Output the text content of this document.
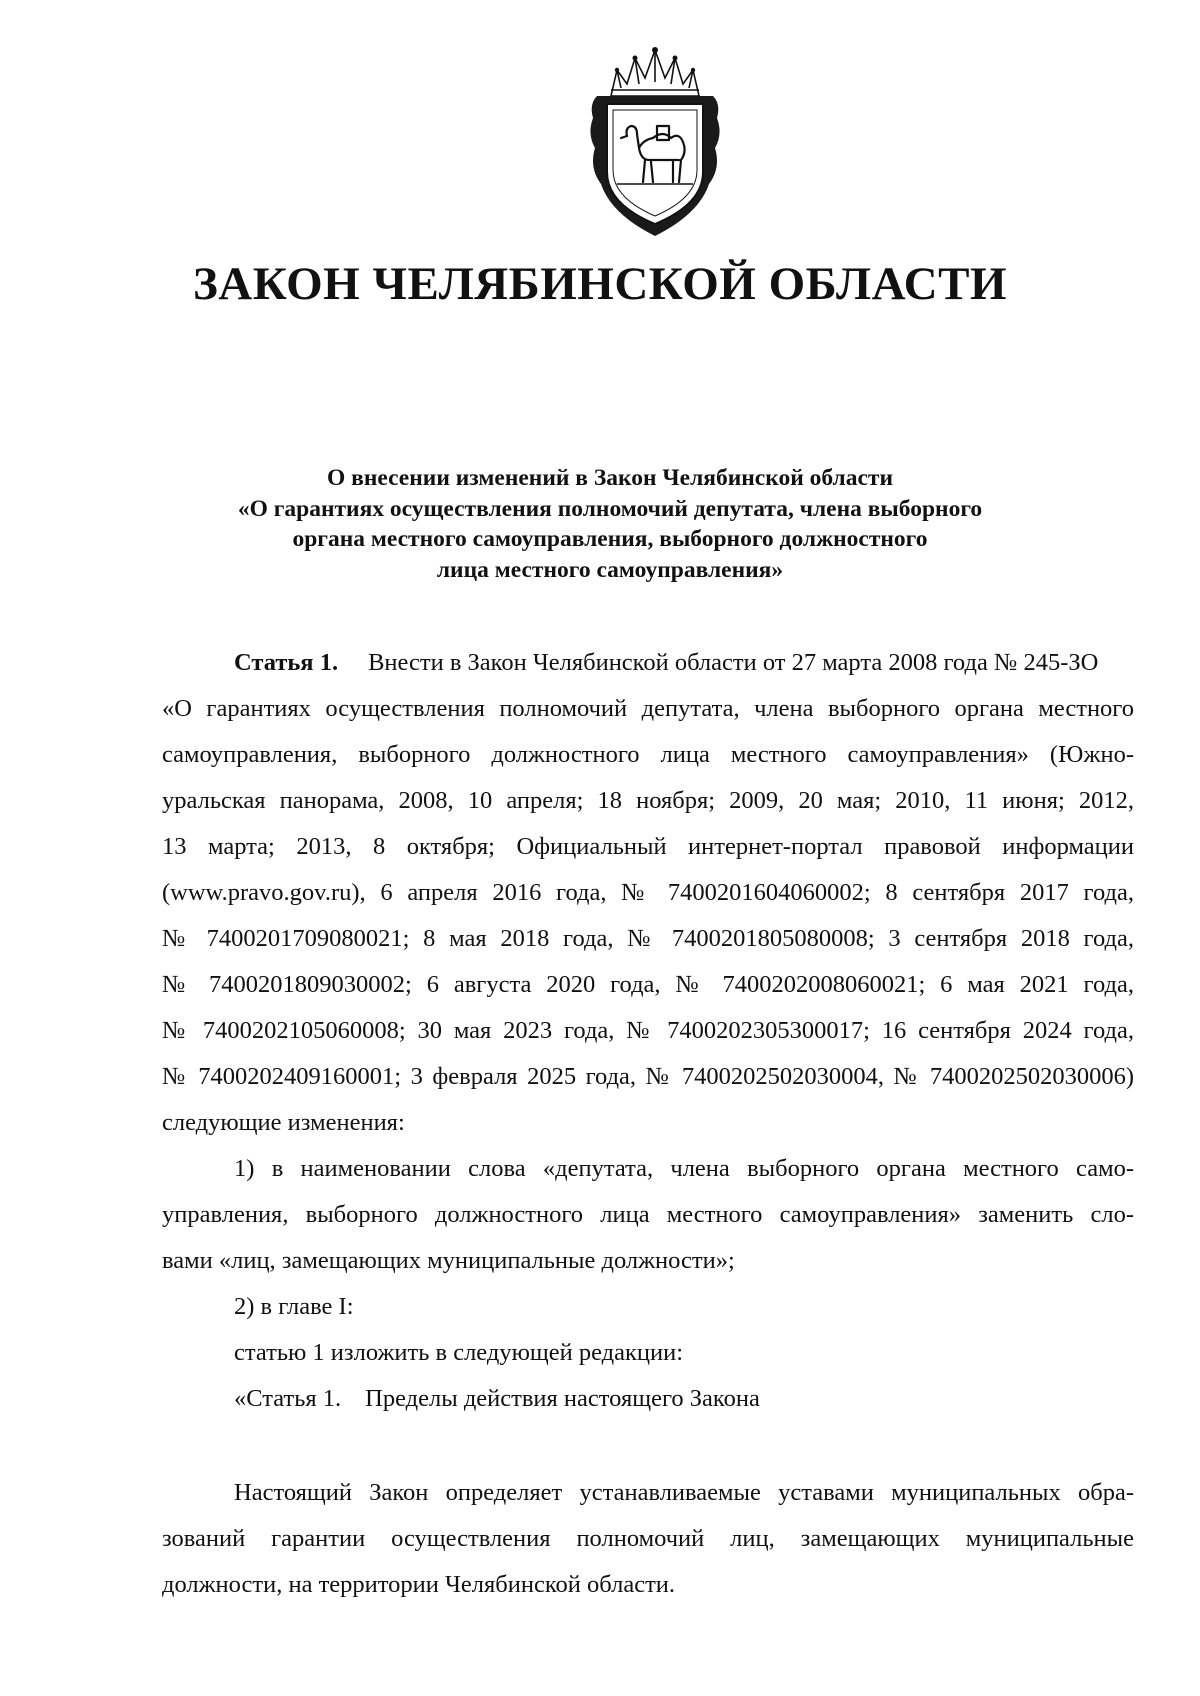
ЗАКОН ЧЕЛЯБИНСКОЙ ОБЛАСТИ
О внесении изменений в Закон Челябинской области
«О гарантиях осуществления полномочий депутата, члена выборного
органа местного самоуправления, выборного должностного
лица местного самоуправления»
Статья 1. Внести в Закон Челябинской области от 27 марта 2008 года № 245-ЗО
«О гарантиях осуществления полномочий депутата, члена выборного органа местного
самоуправления, выборного должностного лица местного самоуправления» (Южно-
уральская панорама, 2008, 10 апреля; 18 ноября; 2009, 20 мая; 2010, 11 июня; 2012,
13 марта; 2013, 8 октября; Официальный интернет-портал правовой информации
(www.pravo.gov.ru), 6 апреля 2016 года, № 7400201604060002; 8 сентября 2017 года,
№ 7400201709080021; 8 мая 2018 года, № 7400201805080008; 3 сентября 2018 года,
№ 7400201809030002; 6 августа 2020 года, № 7400202008060021; 6 мая 2021 года,
№ 7400202105060008; 30 мая 2023 года, № 7400202305300017; 16 сентября 2024 года,
№ 7400202409160001; 3 февраля 2025 года, № 7400202502030004, № 7400202502030006)
следующие изменения:
1) в наименовании слова «депутата, члена выборного органа местного само-
управления, выборного должностного лица местного самоуправления» заменить сло-
вами «лиц, замещающих муниципальные должности»;
2) в главе I:
статью 1 изложить в следующей редакции:
«Статья 1. Пределы действия настоящего Закона
Настоящий Закон определяет устанавливаемые уставами муниципальных обра-
зований гарантии осуществления полномочий лиц, замещающих муниципальные
должности, на территории Челябинской области.
